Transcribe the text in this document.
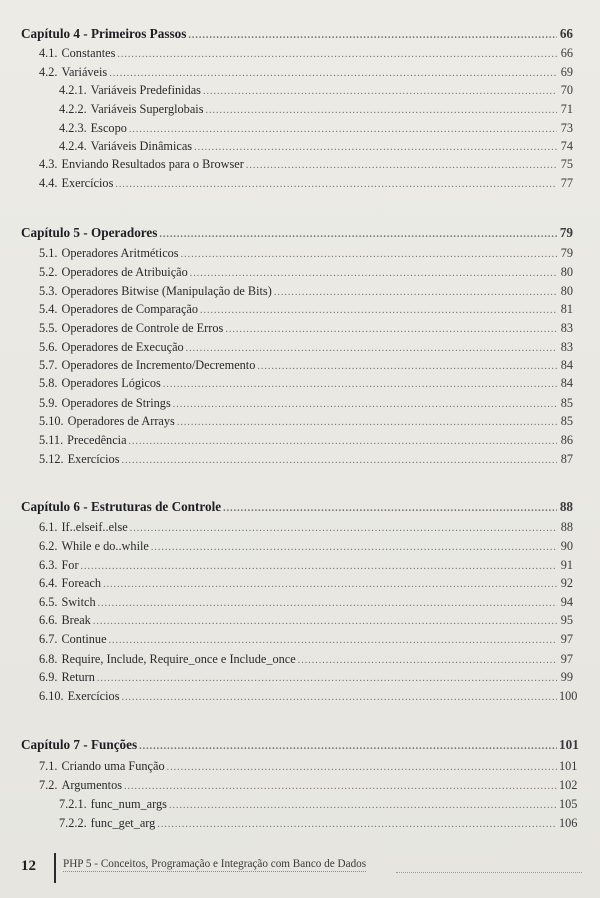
Capítulo 4 - Primeiros Passos .....	66
4.1. Constantes .....	66
4.2. Variáveis .....	69
4.2.1. Variáveis Predefinidas .....	70
4.2.2. Variáveis Superglobais .....	71
4.2.3. Escopo .....	73
4.2.4. Variáveis Dinâmicas .....	74
4.3. Enviando Resultados para o Browser .....	75
4.4. Exercícios .....	77
Capítulo 5 - Operadores .....	79
5.1. Operadores Aritméticos .....	79
5.2. Operadores de Atribuição .....	80
5.3. Operadores Bitwise (Manipulação de Bits) .....	80
5.4. Operadores de Comparação .....	81
5.5. Operadores de Controle de Erros .....	83
5.6. Operadores de Execução .....	83
5.7. Operadores de Incremento/Decremento .....	84
5.8. Operadores Lógicos .....	84
5.9. Operadores de Strings .....	85
5.10. Operadores de Arrays .....	85
5.11. Precedência .....	86
5.12. Exercícios .....	87
Capítulo 6 - Estruturas de Controle .....	88
6.1. If..elseif..else .....	88
6.2. While e do..while .....	90
6.3. For .....	91
6.4. Foreach .....	92
6.5. Switch .....	94
6.6. Break .....	95
6.7. Continue .....	97
6.8. Require, Include, Require_once e Include_once .....	97
6.9. Return .....	99
6.10. Exercícios .....	100
Capítulo 7 - Funções .....	101
7.1. Criando uma Função .....	101
7.2. Argumentos .....	102
7.2.1. func_num_args .....	105
7.2.2. func_get_arg .....	106
12 PHP 5 - Conceitos, Programação e Integração com Banco de Dados
